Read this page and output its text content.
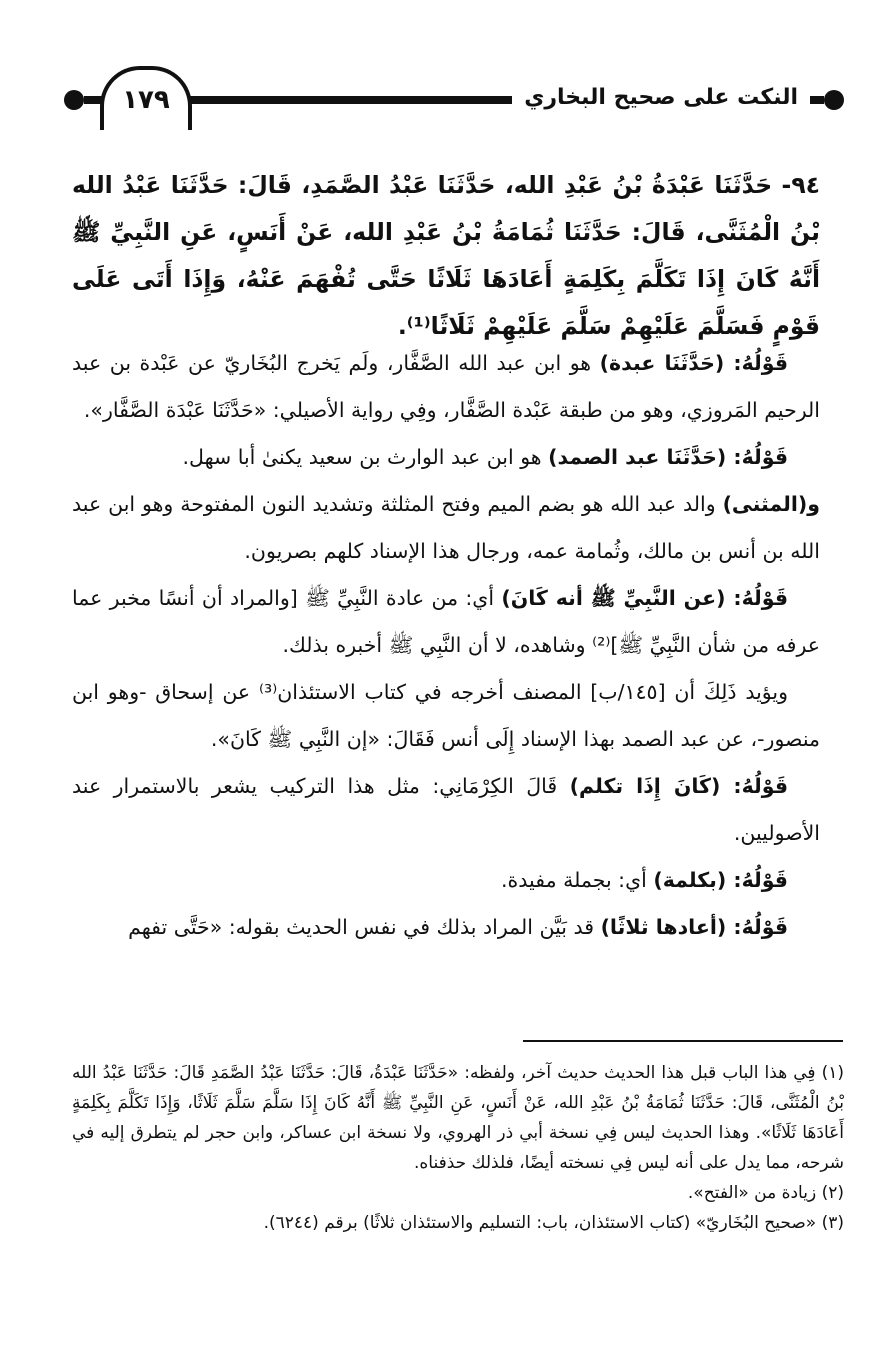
النكت على صحيح البخاري
١٧٩
٩٤- حَدَّثَنَا عَبْدَةُ بْنُ عَبْدِ الله، حَدَّثَنَا عَبْدُ الصَّمَدِ، قَالَ: حَدَّثَنَا عَبْدُ الله بْنُ الْمُثَنَّى، قَالَ: حَدَّثَنَا ثُمَامَةُ بْنُ عَبْدِ الله، عَنْ أَنَسٍ، عَنِ النَّبِيِّ ﷺ أَنَّهُ كَانَ إِذَا تَكَلَّمَ بِكَلِمَةٍ أَعَادَهَا ثَلَاثًا حَتَّى تُفْهَمَ عَنْهُ، وَإِذَا أَتَى عَلَى قَوْمٍ فَسَلَّمَ عَلَيْهِمْ سَلَّمَ عَلَيْهِمْ ثَلَاثًا⁽¹⁾.

قَوْلُهُ: (حَدَّثَنَا عبدة) هو ابن عبد الله الصَّفَّار، ولَم يَخرج البُخَاريّ عن عَبْدة بن عبد الرحيم المَروزي، وهو من طبقة عَبْدة الصَّفَّار، وفِي رواية الأصيلي: «حَدَّثَنَا عَبْدَة الصَّفَّار».

قَوْلُهُ: (حَدَّثَنَا عبد الصمد) هو ابن عبد الوارث بن سعيد يكنىٰ أبا سهل.

و(المثنى) والد عبد الله هو بضم الميم وفتح المثلثة وتشديد النون المفتوحة وهو ابن عبد الله بن أنس بن مالك، وثُمامة عمه، ورجال هذا الإسناد كلهم بصريون.

قَوْلُهُ: (عن النَّبِيِّ ﷺ أنه كَانَ) أي: من عادة النَّبِيِّ ﷺ [والمراد أن أنسًا مخبر عما عرفه من شأن النَّبِيِّ ﷺ]⁽²⁾ وشاهده، لا أن النَّبِي ﷺ أخبره بذلك.

ويؤيد ذَلِكَ أن [١٤٥/ب] المصنف أخرجه في كتاب الاستئذان⁽³⁾ عن إسحاق -وهو ابن منصور-، عن عبد الصمد بهذا الإسناد إِلَى أنس فَقَالَ: «إن النَّبِي ﷺ كَانَ».

قَوْلُهُ: (كَانَ إِذَا تكلم) قَالَ الكِرْمَانِي: مثل هذا التركيب يشعر بالاستمرار عند الأصوليين.

قَوْلُهُ: (بكلمة) أي: بجملة مفيدة.

قَوْلُهُ: (أعادها ثلاثًا) قد بَيَّن المراد بذلك في نفس الحديث بقوله: «حَتَّى تفهم

(١) فِي هذا الباب قبل هذا الحديث حديث آخر، ولفظه: «حَدَّثَنَا عَبْدَةُ، قَالَ: حَدَّثَنَا عَبْدُ الصَّمَدِ قَالَ: حَدَّثَنَا عَبْدُ الله بْنُ الْمُثَنَّى، قَالَ: حَدَّثَنَا ثُمَامَةُ بْنُ عَبْدِ الله، عَنْ أَنَسٍ، عَنِ النَّبِيِّ ﷺ أَنَّهُ كَانَ إِذَا سَلَّمَ سَلَّمَ ثَلَاثًا، وَإِذَا تَكَلَّمَ بِكَلِمَةٍ أَعَادَهَا ثَلَاثًا». وهذا الحديث ليس فِي نسخة أبي ذر الهروي، ولا نسخة ابن عساكر، وابن حجر لم يتطرق إليه في شرحه، مما يدل على أنه ليس فِي نسخته أيضًا، فلذلك حذفناه.

(٢) زيادة من «الفتح».

(٣) «صحيح البُخَاريّ» (كتاب الاستئذان، باب: التسليم والاستئذان ثلاثًا) برقم (٦٢٤٤).
